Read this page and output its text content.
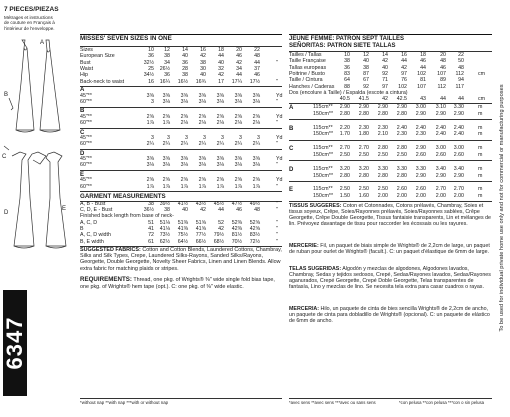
7 PIECES/PIEZAS
Métrages et instructions
de couture en Français à
l'intérieur de l'enveloppe.
A
C
B
D
E
6347
MISSES' SEVEN SIZES IN ONE
Sizes	10	12	14	16	18	20	22
European Size	36	38	40	42	44	46	48
Bust	32½	34	36	38	40	42	44	"
Waist	25	26½	28	30	32	34	37
Hip	34½	36	38	40	42	44	46
Back-neck to waist	16	16¼	16½	16¾	17	17¼	17½	"
A
45"**	3⅝	3⅝	3⅝	3⅝	3⅝	3⅝	3⅝	Yd
60"**	3	3⅛	3⅛	3⅛	3⅛	3⅛	3⅛	"
B
45"**	2⅝	2⅝	2⅝	2⅝	2⅝	2⅝	2⅝	Yd
60"**	1⅞	1⅞	2⅛	2⅛	2⅛	2⅛	2⅛	"
C
45"**	3	3	3	3	3	3	3	Yd
60"**	2¼	2¼	2¼	2¼	2¼	2¼	2¼	"
D
45"**	3⅝	3⅝	3⅝	3⅝	3⅝	3⅝	3⅝	Yd
60"**	3⅛	3⅛	3⅛	3⅛	3⅛	3⅛	3⅛	"
E
45"**	2⅝	2⅝	2⅝	2⅝	2⅝	2⅝	2⅝	Yd
60"**	1⅞	1⅞	1⅞	1⅞	1⅞	1⅞	1⅞	"
GARMENT MEASUREMENTS
A, B - Bust	38	39½	41½	43½	45½	47½	49½	"
C, D, E - Bust	36½	38	40	42	44	46	48	"
Finished back length from base of neck-
A, C, D	51	51⅛	51⅜	51⅝	52	52⅜	52⅝	"
B	41	41⅛	41⅜	41⅝	42	42⅜	42⅝	"
A, C, D width	72	73½	75½	77½	79½	81½	83½	"
B, E width	61	62½	64½	66½	68½	70½	72½	"
SUGGESTED FABRICS: Cotton and Cotton Blends, Laundered Cottons, Chambray, Silks and Silk Types, Crepe, Laundered Silks-Rayons, Sanded Silks/Rayons, Georgette, Double Georgette, Novelty Sheer Fabrics, Linen and Linen Blends. Allow extra fabric for matching plaids or stripes.
REQUIREMENTS: Thread, one pkg. of Wrights® ⅜" wide single fold bias tape, one pkg. of Wrights® hem tape (opt.). C: one pkg. of ⅜" wide elastic.
*without nap **with nap ***with or without nap
JEUNE FEMME: PATRON SEPT TAILLES
SEÑORITAS: PATRON SIETE TALLAS
Tailles / Tallas	10	12	14	16	18	20	22
Taille Française	38	40	42	44	46	48	50
Tallas europeas	36	38	40	42	44	46	48
Poitrine / Busto	83	87	92	97	102	107	112	cm
Taille / Cintura	64	67	71	76	81	89	94
Hanches / Caderas	88	92	97	102	107	112	117
Dos (encolure à Taille) / Espalda (escote a cintura)
40.5	41.5	42	42.5	43	44	44	cm
A	115cm**	2.90	2.90	2.90	2.90	3.00	3.10	3.30	m
150cm**	2.80	2.80	2.80	2.80	2.90	2.90	2.90	m
B	115cm**	2.20	2.30	2.30	2.40	2.40	2.40	2.40	m
150cm**	1.70	1.80	2.10	2.30	2.30	2.40	2.40	m
C	115cm**	2.70	2.70	2.80	2.80	2.90	3.00	3.00	m
150cm**	2.50	2.50	2.50	2.50	2.60	2.60	2.60	m
D	115cm**	3.20	3.20	3.30	3.30	3.30	3.40	3.40	m
150cm**	2.80	2.80	2.80	2.80	2.90	2.90	2.90	m
E	115cm**	2.50	2.50	2.50	2.60	2.60	2.70	2.70	m
150cm**	1.50	1.60	2.00	2.00	2.00	2.00	2.00	m
TISSUS SUGGERES: Coton et Cotonnades, Cotons prélavés, Chambray, Soies et tissus soyeux, Crêpe, Soies/Rayonnes prélavés, Soies/Rayonnes sablées, Crêpe Georgette, Crêpe Double Georgette, Tissus fantaisie transparents, Lin et mélanges de lin. Prévoyez davantage de tissu pour raccorder les écossais ou les rayures.
MERCERIE: Fil, un paquet de biais simple de Wrights® de 2,2cm de large, un paquet de ruban pour ourlet de Wrights® (facult.). C: un paquet d'élastique de 6mm de large.
TELAS SUGERIDAS: Algodón y mezclas de algodones, Algodones lavados, Chambray, Sedas y tejidos sedosos, Crepé, Sedas/Rayones lavados, Sedas/Rayones aganurados, Crepé Georgette, Crepé Doble Georgette, Telas transparentes de fantasía, Lino y mezclas de lino. Se necesita tela extra para casar cuadros o rayas.
MERCERIA: Hilo, un paquete de cinta de bies sencilla Wrights® de 2,2cm de ancho, un paquete de cinta para dobladillo de Wrights® (opcional). C: un paquete de elástico de 6mm de ancho.
*avec sens **avec sens ***avec ou sans sens	*con pelusa **con pelusa ***con o sin pelusa
To be used for individual private home use only and not for commercial or manufacturing purposes
